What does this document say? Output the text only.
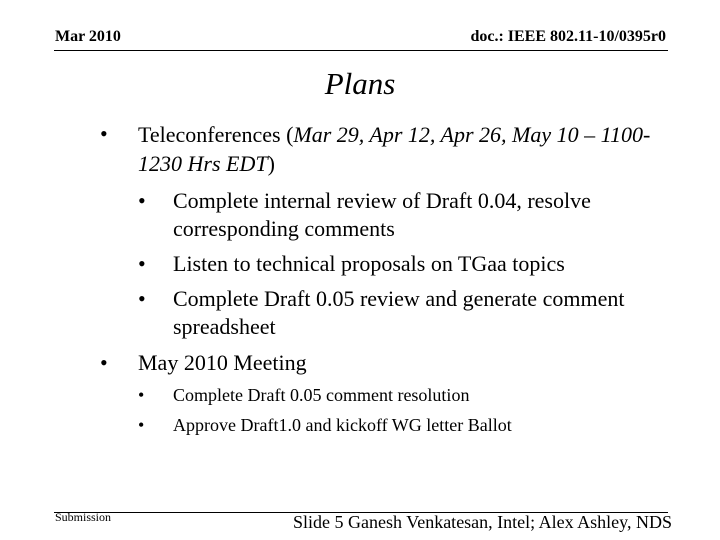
Mar 2010	doc.: IEEE 802.11-10/0395r0
Plans
• Teleconferences (Mar 29, Apr 12, Apr 26, May 10 – 1100-1230 Hrs EDT)
• Complete internal review of Draft 0.04, resolve corresponding comments
• Listen to technical proposals on TGaa topics
• Complete Draft 0.05 review and generate comment spreadsheet
• May 2010 Meeting
• Complete Draft 0.05 comment resolution
• Approve Draft1.0 and kickoff WG letter Ballot
Submission	Slide 5 Ganesh Venkatesan, Intel; Alex Ashley, NDS
